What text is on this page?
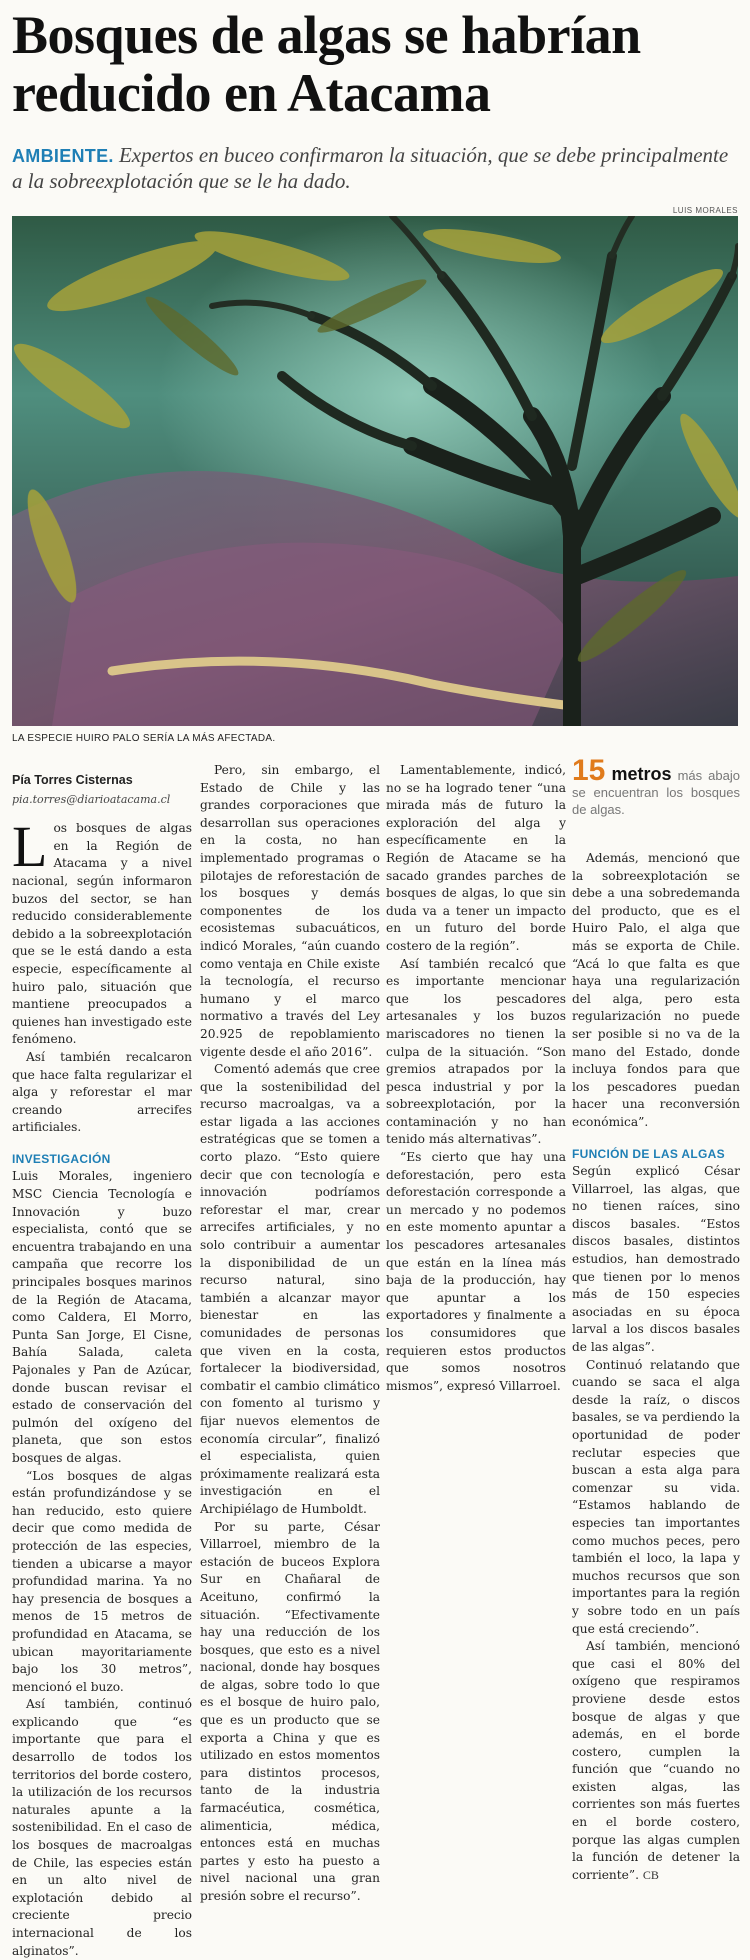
Bosques de algas se habrían reducido en Atacama

AMBIENTE. Expertos en buceo confirmaron la situación, que se debe principalmente a la sobreexplotación que se le ha dado.

LUIS MORALES
LA ESPECIE HUIRO PALO SERÍA LA MÁS AFECTADA.
Pía Torres Cisternas
pia.torres@diarioatacama.cl

Los bosques de algas en la Región de Atacama y a nivel nacional, según informaron buzos del sector, se han reducido considerablemente debido a la sobreexplotación que se le está dando a esta especie, específicamente al huiro palo, situación que mantiene preocupados a quienes han investigado este fenómeno.

Así también recalcaron que hace falta regularizar el alga y reforestar el mar creando arrecifes artificiales.

INVESTIGACIÓN

Luis Morales, ingeniero MSC Ciencia Tecnología e Innovación y buzo especialista, contó que se encuentra trabajando en una campaña que recorre los principales bosques marinos de la Región de Atacama, como Caldera, El Morro, Punta San Jorge, El Cisne, Bahía Salada, caleta Pajonales y Pan de Azúcar, donde buscan revisar el estado de conservación del pulmón del oxígeno del planeta, que son estos bosques de algas.

“Los bosques de algas están profundizándose y se han reducido, esto quiere decir que como medida de protección de las especies, tienden a ubicarse a mayor profundidad marina. Ya no hay presencia de bosques a menos de 15 metros de profundidad en Atacama, se ubican mayoritariamente bajo los 30 metros”, mencionó el buzo.

Así también, continuó explicando que “es importante que para el desarrollo de todos los territorios del borde costero, la utilización de los recursos naturales apunte a la sostenibilidad. En el caso de los bosques de macroalgas de Chile, las especies están en un alto nivel de explotación debido al creciente precio internacional de los alginatos”.

Pero, sin embargo, el Estado de Chile y las grandes corporaciones que desarrollan sus operaciones en la costa, no han implementado programas o pilotajes de reforestación de los bosques y demás componentes de los ecosistemas subacuáticos, indicó Morales, “aún cuando como ventaja en Chile existe la tecnología, el recurso humano y el marco normativo a través del Ley 20.925 de repoblamiento vigente desde el año 2016”.

Comentó además que cree que la sostenibilidad del recurso macroalgas, va a estar ligada a las acciones estratégicas que se tomen a corto plazo. “Esto quiere decir que con tecnología e innovación podríamos reforestar el mar, crear arrecifes artificiales, y no solo contribuir a aumentar la disponibilidad de un recurso natural, sino también a alcanzar mayor bienestar en las comunidades de personas que viven en la costa, fortalecer la biodiversidad, combatir el cambio climático con fomento al turismo y fijar nuevos elementos de economía circular”, finalizó el especialista, quien próximamente realizará esta investigación en el Archipiélago de Humboldt.

Por su parte, César Villarroel, miembro de la estación de buceos Explora Sur en Chañaral de Aceituno, confirmó la situación. “Efectivamente hay una reducción de los bosques, que esto es a nivel nacional, donde hay bosques de algas, sobre todo lo que es el bosque de huiro palo, que es un producto que se exporta a China y que es utilizado en estos momentos para distintos procesos, tanto de la industria farmacéutica, cosmética, alimenticia, médica, entonces está en muchas partes y esto ha puesto a nivel nacional una gran presión sobre el recurso”.

Lamentablemente, indicó, no se ha logrado tener “una mirada más de futuro la exploración del alga y específicamente en la Región de Atacame se ha sacado grandes parches de bosques de algas, lo que sin duda va a tener un impacto en un futuro del borde costero de la región”.

Así también recalcó que es importante mencionar que los pescadores artesanales y los buzos mariscadores no tienen la culpa de la situación. “Son gremios atrapados por la pesca industrial y por la sobreexplotación, por la contaminación y no han tenido más alternativas”.

“Es cierto que hay una deforestación, pero esta deforestación corresponde a un mercado y no podemos en este momento apuntar a los pescadores artesanales que están en la línea más baja de la producción, hay que apuntar a los exportadores y finalmente a los consumidores que requieren estos productos que somos nosotros mismos”, expresó Villarroel.

15 metros más abajo se encuentran los bosques de algas.

Además, mencionó que la sobreexplotación se debe a una sobredemanda del producto, que es el Huiro Palo, el alga que más se exporta de Chile. “Acá lo que falta es que haya una regularización del alga, pero esta regularización no puede ser posible si no va de la mano del Estado, donde incluya fondos para que los pescadores puedan hacer una reconversión económica”.

FUNCIÓN DE LAS ALGAS

Según explicó César Villarroel, las algas, que no tienen raíces, sino discos basales. “Estos discos basales, distintos estudios, han demostrado que tienen por lo menos más de 150 especies asociadas en su época larval a los discos basales de las algas”.

Continuó relatando que cuando se saca el alga desde la raíz, o discos basales, se va perdiendo la oportunidad de poder reclutar especies que buscan a esta alga para comenzar su vida. “Estamos hablando de especies tan importantes como muchos peces, pero también el loco, la lapa y muchos recursos que son importantes para la región y sobre todo en un país que está creciendo”.

Así también, mencionó que casi el 80% del oxígeno que respiramos proviene desde estos bosque de algas y que además, en el borde costero, cumplen la función que “cuando no existen algas, las corrientes son más fuertes en el borde costero, porque las algas cumplen la función de detener la corriente”. CB
